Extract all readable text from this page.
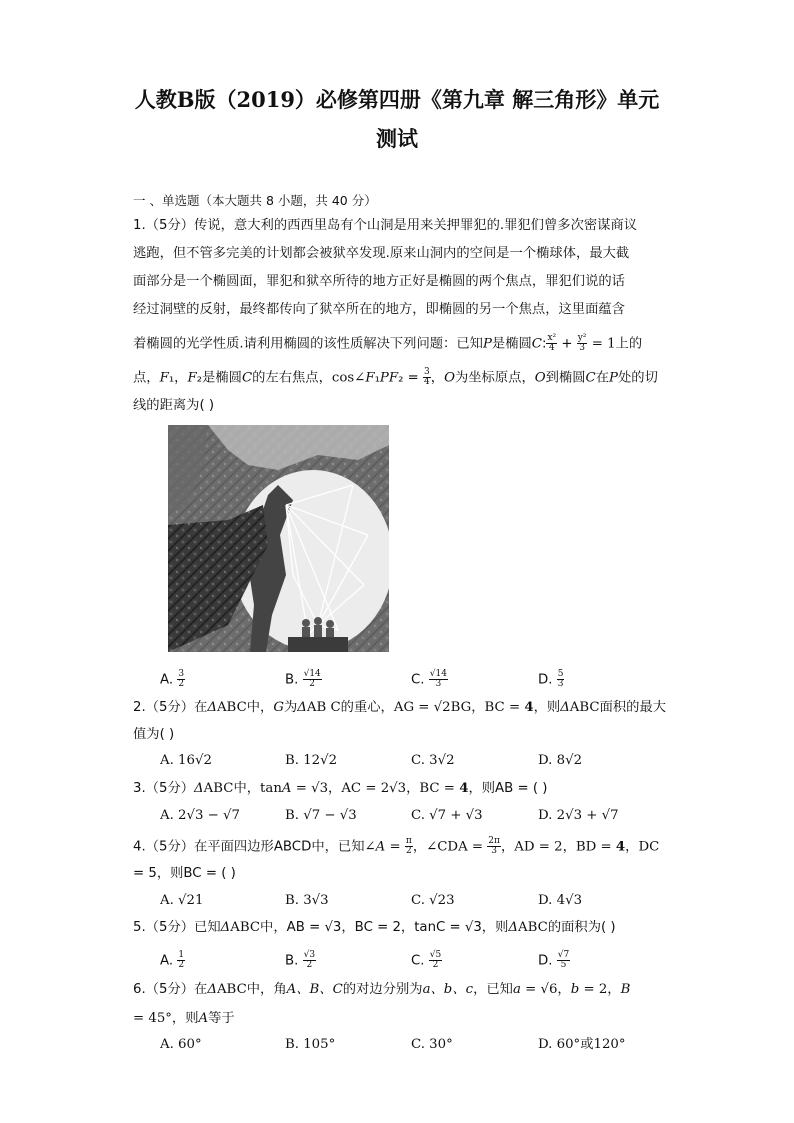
人教B版（2019）必修第四册《第九章 解三角形》单元
测试
一 、单选题（本大题共 8 小题，共 40 分）
1.（5分）传说，意大利的西西里岛有个山洞是用来关押罪犯的.罪犯们曾多次密谋商议
逃跑，但不管多完美的计划都会被狱卒发现.原来山洞内的空间是一个椭球体，最大截
面部分是一个椭圆面，罪犯和狱卒所待的地方正好是椭圆的两个焦点，罪犯们说的话
经过洞壁的反射，最终都传向了狱卒所在的地方，即椭圆的另一个焦点，这里面蕴含
着椭圆的光学性质.请利用椭圆的该性质解决下列问题：已知P是椭圆C: $\frac{\text{x²}}{4} + \frac{\text{y²}}{3} = 1$上的
点，F₁，F₂是椭圆C的左右焦点，cos∠F₁PF₂ = $\frac{3}{4}$ ，O为坐标原点，O到椭圆C在P处的切
线的距离为( )
A. $\frac{3}{2}$	B. $\frac{√14}{2}$	C. $\frac{√14}{3}$	D. $\frac{5}{3}$
2.（5分）在ΔABC中，G为ΔAB C的重心，AG = √2BG，BC = 4，则ΔABC面积的最大
值为( )
A. 16√2	B. 12√2	C. 3√2	D. 8√2
3.（5分）ΔABC中，tanA = √3，AC = 2√3，BC = 4，则AB = ( )
A. 2√3 − √7	B. √7 − √3	C. √7 + √3	D. 2√3 + √7
4.（5分）在平面四边形ABCD中，已知∠A = $\frac{\pi}{2}$ ，∠CDA = $\frac{2\pi}{3}$ ，AD = 2，BD = 4，DC
= 5，则BC = ( )
A. √21	B. 3√3	C. √23	D. 4√3
5.（5分）已知ΔABC中，AB = √3，BC = 2，tanC = √3，则ΔABC的面积为( )
A. $\frac{1}{2}$	B. $\frac{√3}{2}$	C. $\frac{√5}{2}$	D. $\frac{√7}{5}$
6.（5分）在ΔABC中，角A、B、C的对边分别为a、b、c，已知a = √6，b = 2，B
= 45°，则A等于
A. 60°	B. 105°	C. 30°	D. 60°或120°
